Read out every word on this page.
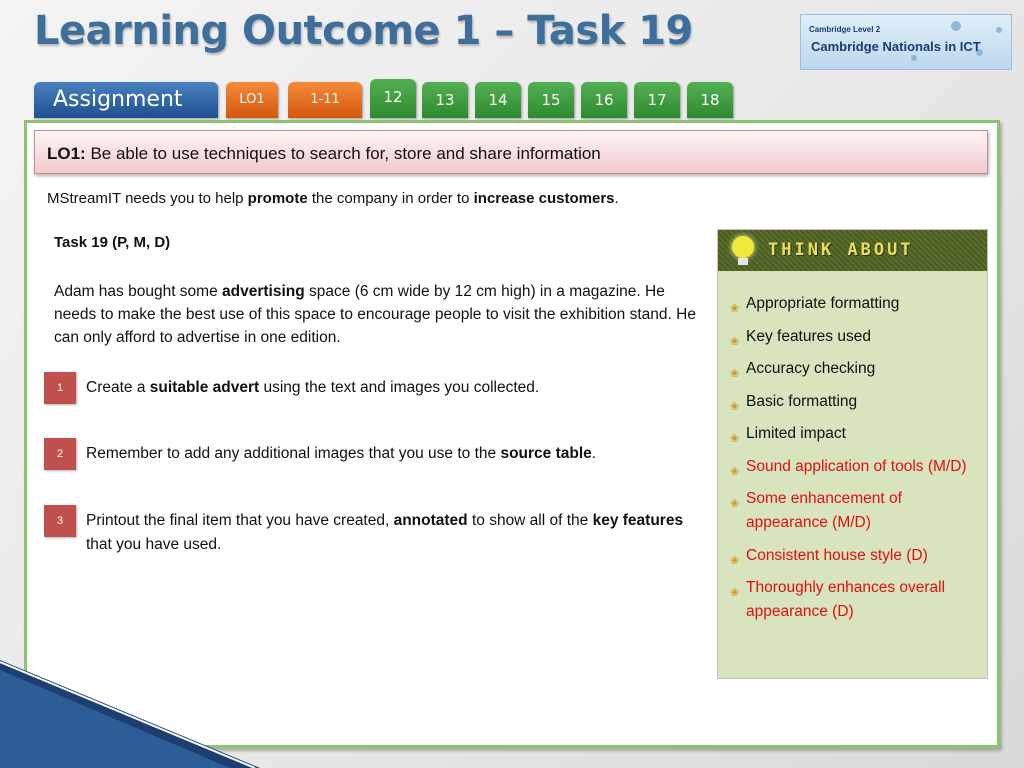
Learning Outcome 1 – Task 19	Cambridge Level 2
Cambridge Nationals in ICT
Assignment	LO1	1-11	12	13	14	15	16	17	18
LO1: Be able to use techniques to search for, store and share information
MStreamIT needs you to help promote the company in order to increase customers.
Task 19 (P, M, D)
Adam has bought some advertising space (6 cm wide by 12 cm high) in a magazine. He needs to make the best use of this space to encourage people to visit the exhibition stand. He can only afford to advertise in one edition.
1	Create a suitable advert using the text and images you collected.
2	Remember to add any additional images that you use to the source table.
3	Printout the final item that you have created, annotated to show all of the key features that you have used.
THINK ABOUT
❀ Appropriate formatting
❀ Key features used
❀ Accuracy checking
❀ Basic formatting
❀ Limited impact
❀ Sound application of tools (M/D)
❀ Some enhancement of appearance (M/D)
❀ Consistent house style (D)
❀ Thoroughly enhances overall appearance (D)
